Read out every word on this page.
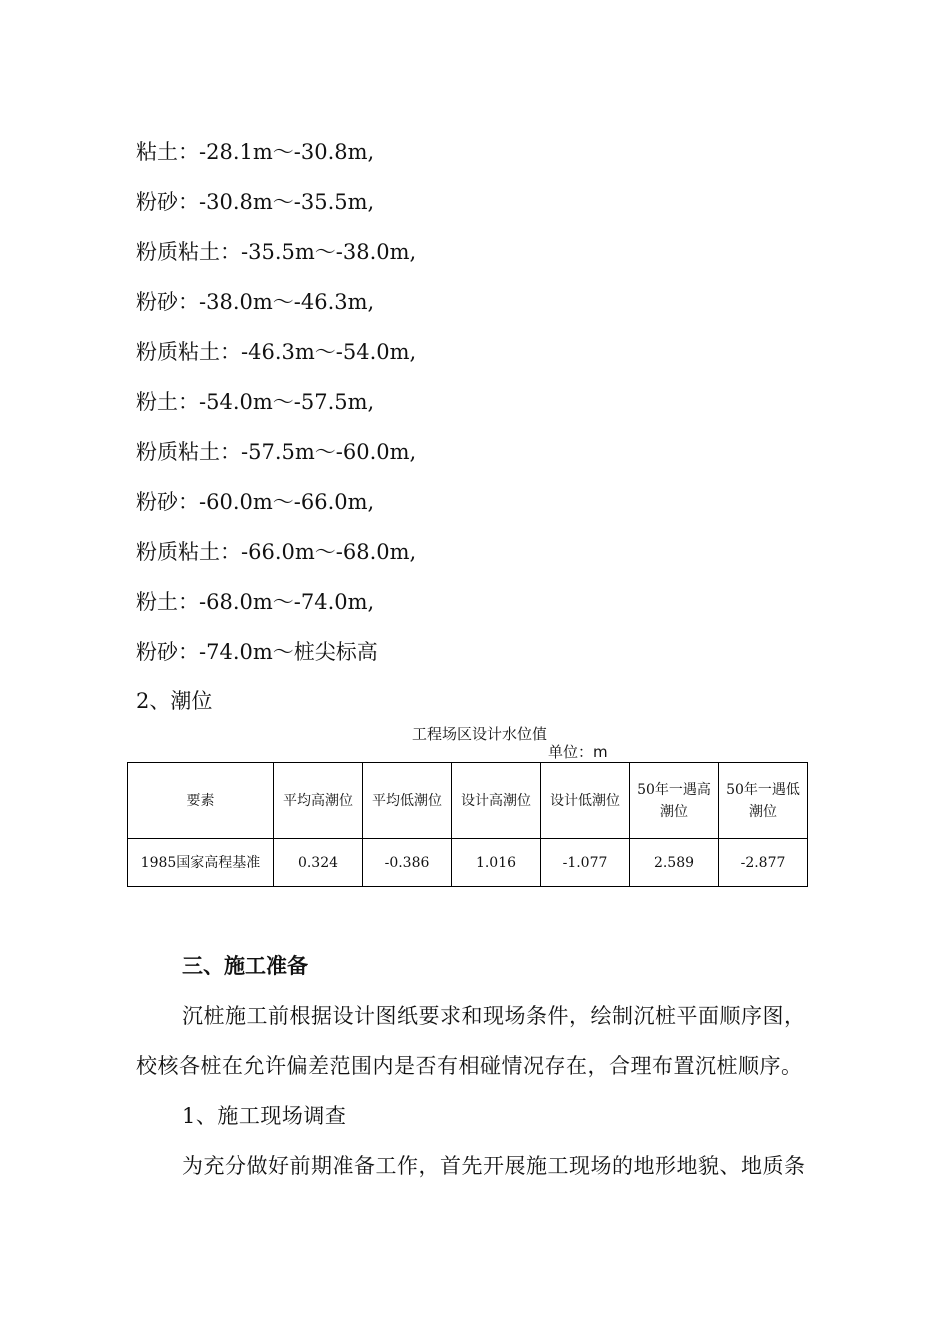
粘土：-28.1m～-30.8m,
粉砂：-30.8m～-35.5m,
粉质粘土：-35.5m～-38.0m,
粉砂：-38.0m～-46.3m,
粉质粘土：-46.3m～-54.0m,
粉土：-54.0m～-57.5m,
粉质粘土：-57.5m～-60.0m,
粉砂：-60.0m～-66.0m,
粉质粘土：-66.0m～-68.0m,
粉土：-68.0m～-74.0m,
粉砂：-74.0m～桩尖标高
2、潮位
工程场区设计水位值
单位：m
要素	平均高潮位	平均低潮位	设计高潮位	设计低潮位	50年一遇高潮位	50年一遇低潮位
1985国家高程基准	0.324	-0.386	1.016	-1.077	2.589	-2.877
三、施工准备
沉桩施工前根据设计图纸要求和现场条件，绘制沉桩平面顺序图，
校核各桩在允许偏差范围内是否有相碰情况存在，合理布置沉桩顺序。
1、施工现场调查
为充分做好前期准备工作，首先开展施工现场的地形地貌、地质条
